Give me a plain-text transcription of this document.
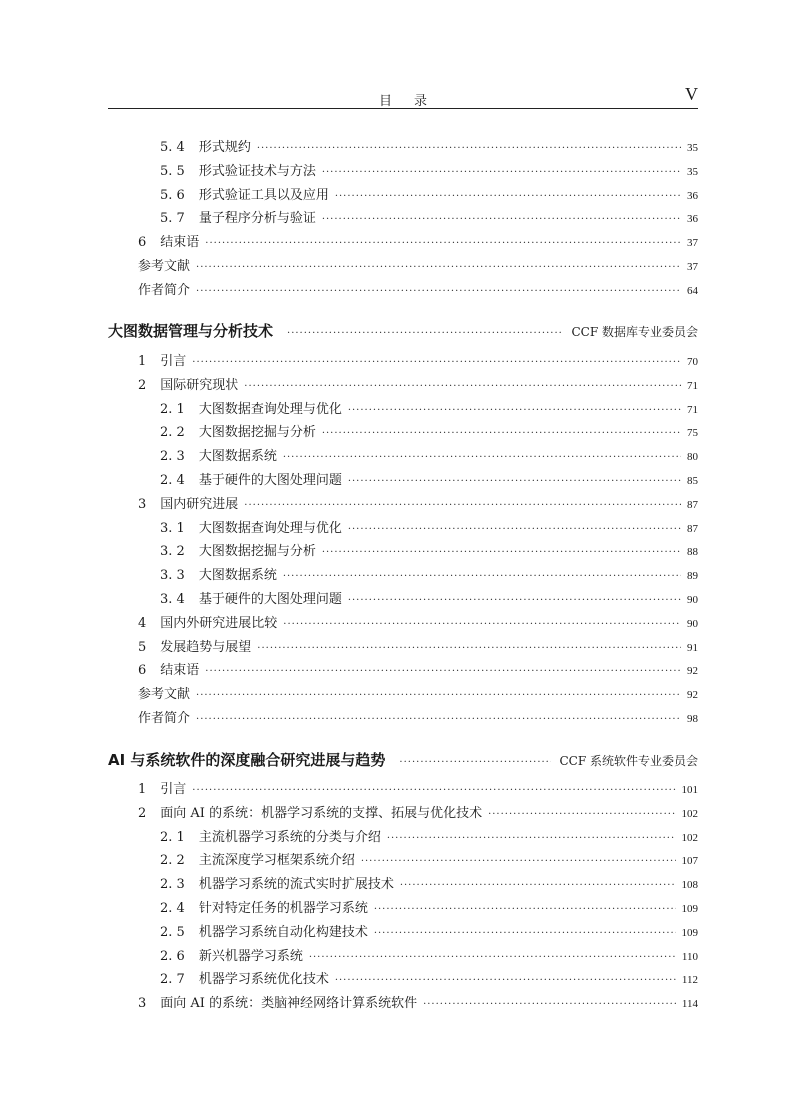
目录	V
5. 4 形式规约 ·····	35
5. 5 形式验证技术与方法 ·····	35
5. 6 形式验证工具以及应用 ·····	36
5. 7 量子程序分析与验证 ·····	36
6 结束语 ·····	37
参考文献 ·····	37
作者简介 ·····	64
大图数据管理与分析技术 ·····	CCF 数据库专业委员会
1 引言 ·····	70
2 国际研究现状 ·····	71
2. 1 大图数据查询处理与优化 ·····	71
2. 2 大图数据挖掘与分析 ·····	75
2. 3 大图数据系统 ·····	80
2. 4 基于硬件的大图处理问题 ·····	85
3 国内研究进展 ·····	87
3. 1 大图数据查询处理与优化 ·····	87
3. 2 大图数据挖掘与分析 ·····	88
3. 3 大图数据系统 ·····	89
3. 4 基于硬件的大图处理问题 ·····	90
4 国内外研究进展比较 ·····	90
5 发展趋势与展望 ·····	91
6 结束语 ·····	92
参考文献 ·····	92
作者简介 ·····	98
AI 与系统软件的深度融合研究进展与趋势 ·····	CCF 系统软件专业委员会
1 引言 ·····	101
2 面向 AI 的系统：机器学习系统的支撑、拓展与优化技术 ·····	102
2. 1 主流机器学习系统的分类与介绍 ·····	102
2. 2 主流深度学习框架系统介绍 ·····	107
2. 3 机器学习系统的流式实时扩展技术 ·····	108
2. 4 针对特定任务的机器学习系统 ·····	109
2. 5 机器学习系统自动化构建技术 ·····	109
2. 6 新兴机器学习系统 ·····	110
2. 7 机器学习系统优化技术 ·····	112
3 面向 AI 的系统：类脑神经网络计算系统软件 ·····	114
